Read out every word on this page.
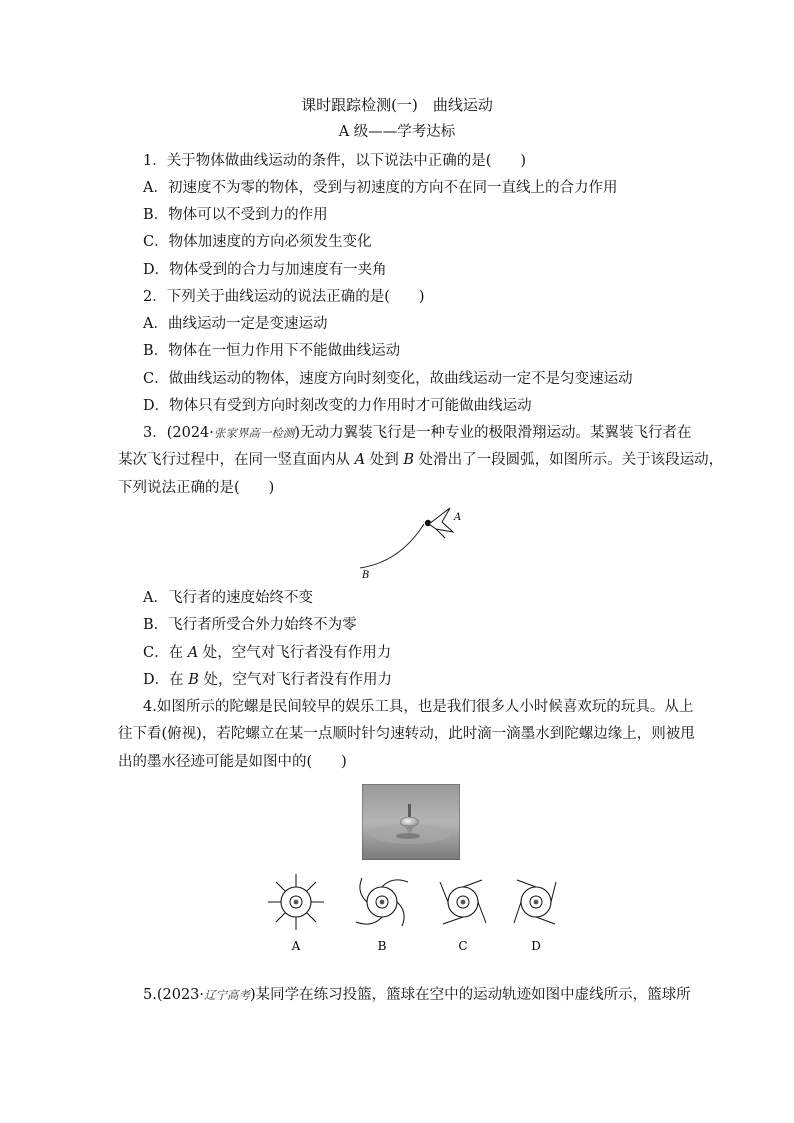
课时跟踪检测(一)　曲线运动
A 级——学考达标
1．关于物体做曲线运动的条件，以下说法中正确的是(　　)
A．初速度不为零的物体，受到与初速度的方向不在同一直线上的合力作用
B．物体可以不受到力的作用
C．物体加速度的方向必须发生变化
D．物体受到的合力与加速度有一夹角
2．下列关于曲线运动的说法正确的是(　　)
A．曲线运动一定是变速运动
B．物体在一恒力作用下不能做曲线运动
C．做曲线运动的物体，速度方向时刻变化，故曲线运动一定不是匀变速运动
D．物体只有受到方向时刻改变的力作用时才可能做曲线运动
3．(2024·张家界高一检测)无动力翼装飞行是一种专业的极限滑翔运动。某翼装飞行者在
某次飞行过程中，在同一竖直面内从 A 处到 B 处滑出了一段圆弧，如图所示。关于该段运动，
下列说法正确的是(　　)
A
B
A．飞行者的速度始终不变
B．飞行者所受合外力始终不为零
C．在 A 处，空气对飞行者没有作用力
D．在 B 处，空气对飞行者没有作用力
4.如图所示的陀螺是民间较早的娱乐工具，也是我们很多人小时候喜欢玩的玩具。从上
往下看(俯视)，若陀螺立在某一点顺时针匀速转动，此时滴一滴墨水到陀螺边缘上，则被甩
出的墨水径迹可能是如图中的(　　)
A	B	C	D
5.(2023·辽宁高考)某同学在练习投篮，篮球在空中的运动轨迹如图中虚线所示，篮球所
